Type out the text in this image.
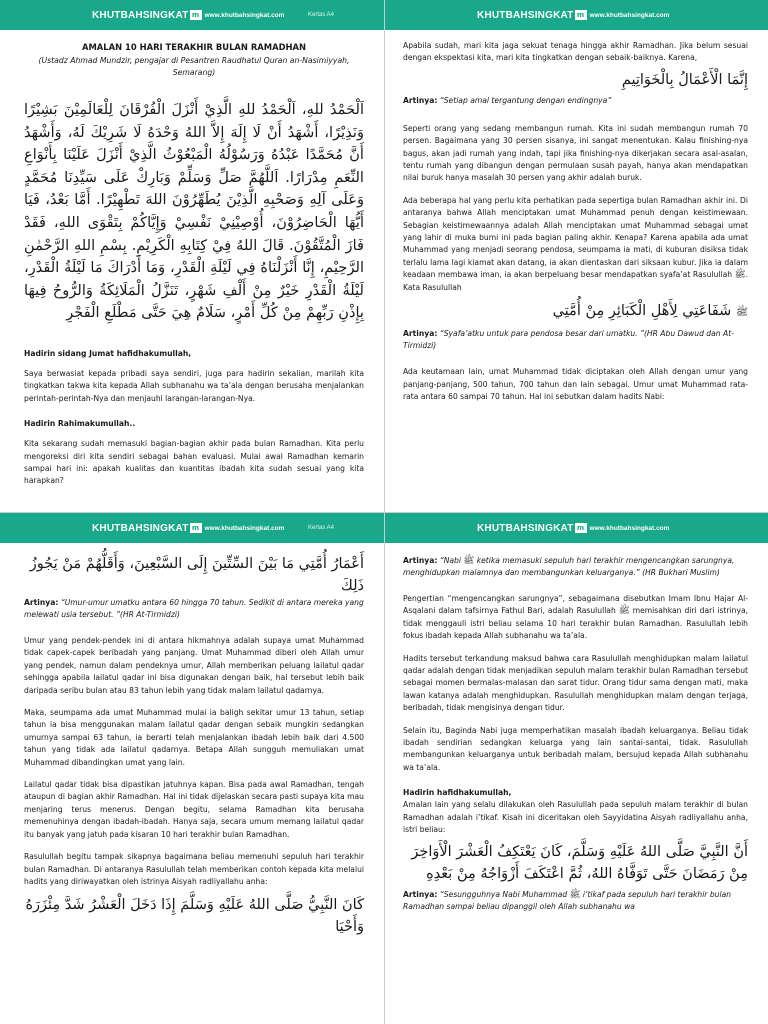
KHUTBAHSINGKAT m www.khutbahsingkat.com	Kertas A4
AMALAN 10 HARI TERAKHIR BULAN RAMADHAN
(Ustadz Ahmad Mundzir, pengajar di Pesantren Raudhatul Quran an-Nasimiyyah, Semarang)
اَلْحَمْدُ للهِ، اَلْحَمْدُ للهِ الَّذِيْ أَنْزَلَ الْفُرْقَانَ لِلْعَالَمِيْنَ بَشِيْرًا وَنَذِيْرًا، أَشْهَدُ أَنْ لَا إِلَهَ إِلاَّ اللهُ وَحْدَهُ لَا شَرِيْكَ لَهُ، وَأَشْهَدُ أَنَّ مُحَمَّدًا عَبْدُهُ وَرَسُوْلُهُ الْمَبْعُوْثُ الَّذِيْ أَنْزَلَ عَلَيْنَا بِأَنْوَاعِ النِّعَمِ مِدْرَارًا. اَللَّهُمَّ صَلِّ وَسَلِّمْ وَبَارِكْ عَلَى سَيِّدِنَا مُحَمَّدٍ وَعَلَى آلِهِ وَصَحْبِهِ الَّذِيْنَ يُطَهِّرُوْنَ اللهَ تَطْهِيْرًا. أَمَّا بَعْدُ، فَيَا أَيُّهَا الْحَاضِرُوْنَ، أُوْصِيْنِيْ نَفْسِيْ وَإِيَّاكُمْ بِتَقْوَى اللهِ، فَقَدْ فَازَ الْمُتَّقُوْنَ. قَالَ اللهُ فِيْ كِتَابِهِ الْكَرِيْمِ. بِسْمِ اللهِ الرَّحْمٰنِ الرَّحِيْمِ، إِنَّا أَنْزَلْنَاهُ فِي لَيْلَةِ الْقَدْرِ، وَمَا أَدْرَاكَ مَا لَيْلَةُ الْقَدْرِ، لَيْلَةُ الْقَدْرِ خَيْرٌ مِنْ أَلْفِ شَهْرٍ، تَنَزَّلُ الْمَلَائِكَةُ وَالرُّوحُ فِيهَا بِإِذْنِ رَبِّهِمْ مِنْ كُلِّ أَمْرٍ، سَلَامٌ هِيَ حَتَّى مَطْلَعِ الْفَجْرِ
Hadirin sidang Jumat hafidhakumullah,

Saya berwasiat kepada pribadi saya sendiri, juga para hadirin sekalian, marilah kita tingkatkan takwa kita kepada Allah subhanahu wa ta’ala dengan berusaha menjalankan perintah-perintah-Nya dan menjauhi larangan-larangan-Nya.

Hadirin Rahimakumullah..

Kita sekarang sudah memasuki bagian-bagian akhir pada bulan Ramadhan. Kita perlu mengoreksi diri kita sendiri sebagai bahan evaluasi. Mulai awal Ramadhan kemarin sampai hari ini: apakah kualitas dan kuantitas ibadah kita sudah sesuai yang kita harapkan?

KHUTBAHSINGKAT m www.khutbahsingkat.com

Apabila sudah, mari kita jaga sekuat tenaga hingga akhir Ramadhan. Jika belum sesuai dengan ekspektasi kita, mari kita tingkatkan dengan sebaik-baiknya. Karena,

إِنَّمَا الْأَعْمَالُ بِالْخَوَاتِيمِ
Artinya: “Setiap amal tergantung dengan endingnya”

Seperti orang yang sedang membangun rumah. Kita ini sudah membangun rumah 70 persen. Bagaimana yang 30 persen sisanya, ini sangat menentukan. Kalau finishing-nya bagus, akan jadi rumah yang indah, tapi jika finishing-nya dikerjakan secara asal-asalan, tentu rumah yang dibangun dengan permulaan susah payah, hanya akan mendapatkan nilai buruk hanya masalah 30 persen yang akhir adalah buruk.

Ada beberapa hal yang perlu kita perhatikan pada sepertiga bulan Ramadhan akhir ini. Di antaranya bahwa Allah menciptakan umat Muhammad penuh dengan keistimewaan. Sebagian keistimewaannya adalah Allah menciptakan umat Muhammad sebagai umat yang lahir di muka bumi ini pada bagian paling akhir. Kenapa? Karena apabila ada umat Muhammad yang menjadi seorang pendosa, seumpama ia mati, di kuburan disiksa tidak terlalu lama lagi kiamat akan datang, ia akan dientaskan dari siksaan kubur. Jika ia dalam keadaan membawa iman, ia akan berpeluang besar mendapatkan syafa’at Rasulullah ﷺ. Kata Rasulullah

ﷺ شَفَاعَتِي لِأَهْلِ الْكَبَائِرِ مِنْ أُمَّتِي
Artinya: “Syafa’atku untuk para pendosa besar dari umatku. ”(HR Abu Dawud dan At- Tirmidzi)

Ada keutamaan lain, umat Muhammad tidak diciptakan oleh Allah dengan umur yang panjang-panjang, 500 tahun, 700 tahun dan lain sebagai. Umur umat Muhammad rata-rata antara 60 sampai 70 tahun. Hal ini sebutkan dalam hadits Nabi:

KHUTBAHSINGKAT m www.khutbahsingkat.com	Kertas A4
أَعْمَارُ أُمَّتِي مَا بَيْنَ السِّتِّينَ إِلَى السَّبْعِينَ، وَأَقَلُّهُمْ مَنْ يَجُوزُ ذَلِكَ
Artinya: “Umur-umur umatku antara 60 hingga 70 tahun. Sedikit di antara mereka yang melewati usia tersebut. ”(HR At-Tirmidzi)

Umur yang pendek-pendek ini di antara hikmahnya adalah supaya umat Muhammad tidak capek-capek beribadah yang panjang. Umat Muhammad diberi oleh Allah umur yang pendek, namun dalam pendeknya umur, Allah memberikan peluang lailatul qadar sehingga apabila lailatul qadar ini bisa digunakan dengan baik, hal tersebut lebih baik daripada seribu bulan atau 83 tahun lebih yang tidak malam lailatul qadarnya.

Maka, seumpama ada umat Muhammad mulai ia baligh sekitar umur 13 tahun, setiap tahun ia bisa menggunakan malam lailatul qadar dengan sebaik mungkin sedangkan umurnya sampai 63 tahun, ia berarti telah menjalankan ibadah lebih baik dari 4.500 tahun yang tidak ada lailatul qadarnya. Betapa Allah sungguh memuliakan umat Muhammad dibandingkan umat yang lain.

Lailatul qadar tidak bisa dipastikan jatuhnya kapan. Bisa pada awal Ramadhan, tengah ataupun di bagian akhir Ramadhan. Hal ini tidak dijelaskan secara pasti supaya kita mau menjaring terus menerus. Dengan begitu, selama Ramadhan kita berusaha memenuhinya dengan ibadah-ibadah. Hanya saja, secara umum memang lailatul qadar itu banyak yang jatuh pada kisaran 10 hari terakhir bulan Ramadhan.

Rasulullah begitu tampak sikapnya bagaimana beliau memenuhi sepuluh hari terakhir bulan Ramadhan. Di antaranya Rasulullah telah memberikan contoh kepada kita melalui hadits yang diriwayatkan oleh istrinya Aisyah radliyallahu anha:

كَانَ النَّبِيُّ صَلَّى اللهُ عَلَيْهِ وَسَلَّمَ إِذَا دَخَلَ الْعَشْرُ شَدَّ مِئْزَرَهُ وَأَحْيَا
KHUTBAHSINGKAT m www.khutbahsingkat.com
Artinya: “Nabi ﷺ ketika memasuki sepuluh hari terakhir mengencangkan sarungnya, menghidupkan malamnya dan membangunkan keluarganya.” (HR Bukhari Muslim)

Pengertian “mengencangkan sarungnya”, sebagaimana disebutkan Imam Ibnu Hajar Al-Asqalani dalam tafsirnya Fathul Bari, adalah Rasulullah ﷺ memisahkan diri dari istrinya, tidak menggauli istri beliau selama 10 hari terakhir bulan Ramadhan. Rasulullah lebih fokus ibadah kepada Allah subhanahu wa ta’ala.

Hadits tersebut terkandung maksud bahwa cara Rasulullah menghidupkan malam lailatul qadar adalah dengan tidak menjadikan sepuluh malam terakhir bulan Ramadhan tersebut sebagai momen bermalas-malasan dan sarat tidur. Orang tidur sama dengan mati, maka lawan katanya adalah menghidupkan. Rasulullah menghidupkan malam dengan terjaga, beribadah, tidak mengisinya dengan tidur.

Selain itu, Baginda Nabi juga memperhatikan masalah ibadah keluarganya. Beliau tidak ibadah sendirian sedangkan keluarga yang lain santai-santai, tidak. Rasulullah membangunkan keluarganya untuk beribadah malam, bersujud kepada Allah subhanahu wa ta’ala.

Hadirin hafidhakumullah,

Amalan lain yang selalu dilakukan oleh Rasulullah pada sepuluh malam terakhir di bulan Ramadhan adalah i’tikaf. Kisah ini diceritakan oleh Sayyidatina Aisyah radliyallahu anha, istri beliau:

أَنَّ النَّبِيَّ صَلَّى اللهُ عَلَيْهِ وَسَلَّمَ، كَانَ يَعْتَكِفُ الْعَشْرَ الْأَوَاخِرَ مِنْ رَمَضَانَ حَتَّى تَوَفَّاهُ اللهُ، ثُمَّ اعْتَكَفَ أَزْوَاجُهُ مِنْ بَعْدِهِ
Artinya: “Sesungguhnya Nabi Muhammad ﷺ i’tikaf pada sepuluh hari terakhir bulan Ramadhan sampai beliau dipanggil oleh Allah subhanahu wa
